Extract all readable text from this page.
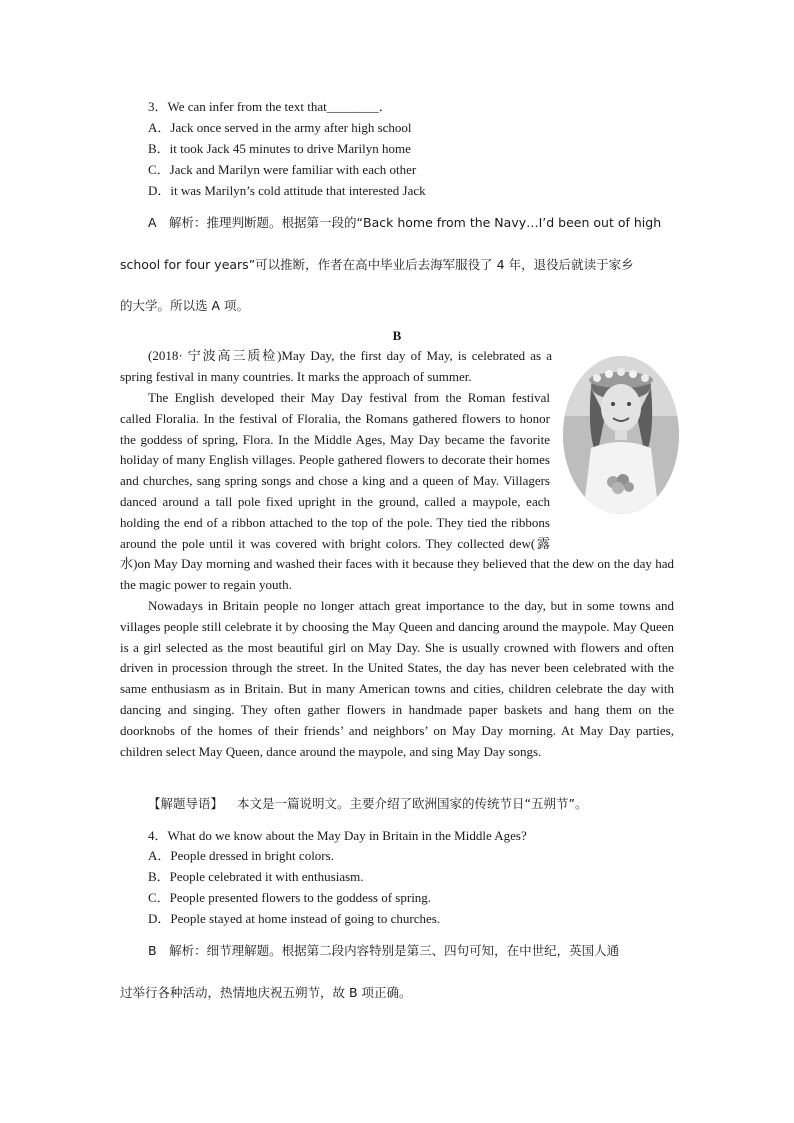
3．We can infer from the text that________．
A．Jack once served in the army after high school
B．it took Jack 45 minutes to drive Marilyn home
C．Jack and Marilyn were familiar with each other
D．it was Marilyn’s cold attitude that interested Jack
A　解析：推理判断题。根据第一段的“Back home from the Navy…I’d been out of high
school for four years”可以推断，作者在高中毕业后去海军服役了 4 年，退役后就读于家乡
的大学。所以选 A 项。
B

(2018· 宁波高三质检)May Day, the first day of May, is celebrated as a spring festival in many countries. It marks the approach of summer.

The English developed their May Day festival from the Roman festival called Floralia. In the festival of Floralia, the Romans gathered flowers to honor the goddess of spring, Flora. In the Middle Ages, May Day became the favorite holiday of many English villages. People gathered flowers to decorate their homes and churches, sang spring songs and chose a king and a queen of May. Villagers danced around a tall pole fixed upright in the ground, called a maypole, each holding the end of a ribbon attached to the top of the pole. They tied the ribbons around the pole until it was covered with bright colors. They collected dew(露水)on May Day morning and washed their faces with it because they believed that the dew on the day had the magic power to regain youth.

Nowadays in Britain people no longer attach great importance to the day, but in some towns and villages people still celebrate it by choosing the May Queen and dancing around the maypole. May Queen is a girl selected as the most beautiful girl on May Day. She is usually crowned with flowers and often driven in procession through the street. In the United States, the day has never been celebrated with the same enthusiasm as in Britain. But in many American towns and cities, children celebrate the day with dancing and singing. They often gather flowers in handmade paper baskets and hang them on the doorknobs of the homes of their friends’ and neighbors’ on May Day morning. At May Day parties, children select May Queen, dance around the maypole, and sing May Day songs.

【解题导语】 本文是一篇说明文。主要介绍了欧洲国家的传统节日“五朔节”。
4．What do we know about the May Day in Britain in the Middle Ages?
A．People dressed in bright colors.
B．People celebrated it with enthusiasm.
C．People presented flowers to the goddess of spring.
D．People stayed at home instead of going to churches.
B　解析：细节理解题。根据第二段内容特别是第三、四句可知，在中世纪，英国人通
过举行各种活动，热情地庆祝五朔节，故 B 项正确。
